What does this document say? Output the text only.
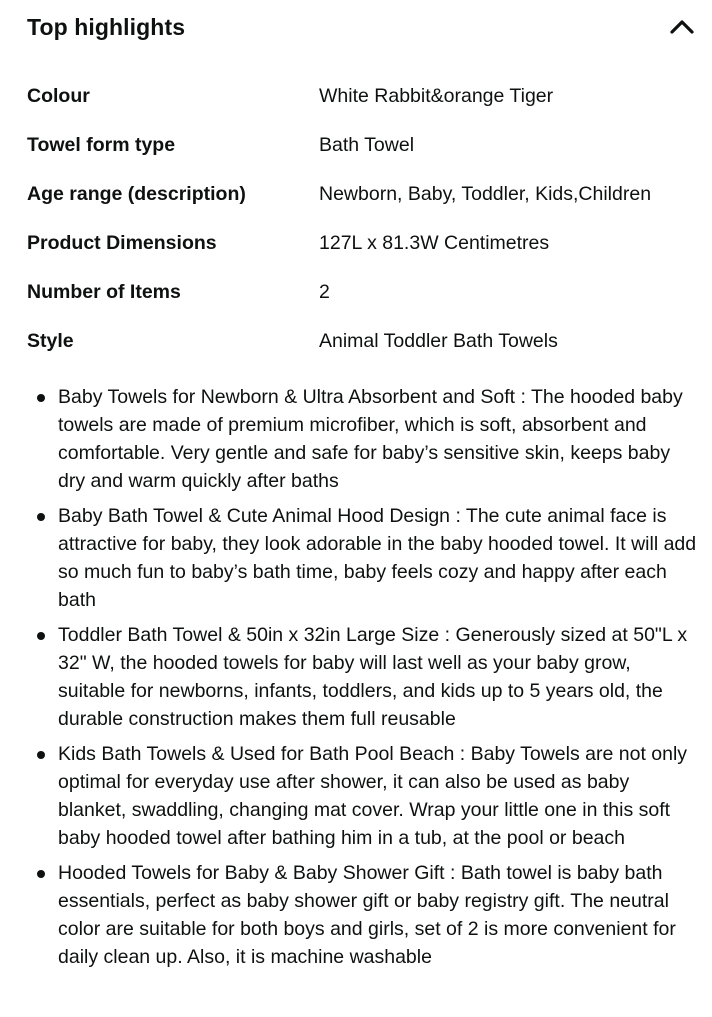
Top highlights
Colour	White Rabbit&orange Tiger
Towel form type	Bath Towel
Age range (description)	Newborn, Baby, Toddler, Kids,Children
Product Dimensions	127L x 81.3W Centimetres
Number of Items	2
Style	Animal Toddler Bath Towels
Baby Towels for Newborn & Ultra Absorbent and Soft : The hooded baby towels are made of premium microfiber, which is soft, absorbent and comfortable. Very gentle and safe for baby’s sensitive skin, keeps baby dry and warm quickly after baths
Baby Bath Towel & Cute Animal Hood Design : The cute animal face is attractive for baby, they look adorable in the baby hooded towel. It will add so much fun to baby’s bath time, baby feels cozy and happy after each bath
Toddler Bath Towel & 50in x 32in Large Size : Generously sized at 50"L x 32" W, the hooded towels for baby will last well as your baby grow, suitable for newborns, infants, toddlers, and kids up to 5 years old, the durable construction makes them full reusable
Kids Bath Towels & Used for Bath Pool Beach : Baby Towels are not only optimal for everyday use after shower, it can also be used as baby blanket, swaddling, changing mat cover. Wrap your little one in this soft baby hooded towel after bathing him in a tub, at the pool or beach
Hooded Towels for Baby & Baby Shower Gift : Bath towel is baby bath essentials, perfect as baby shower gift or baby registry gift. The neutral color are suitable for both boys and girls, set of 2 is more convenient for daily clean up. Also, it is machine washable
